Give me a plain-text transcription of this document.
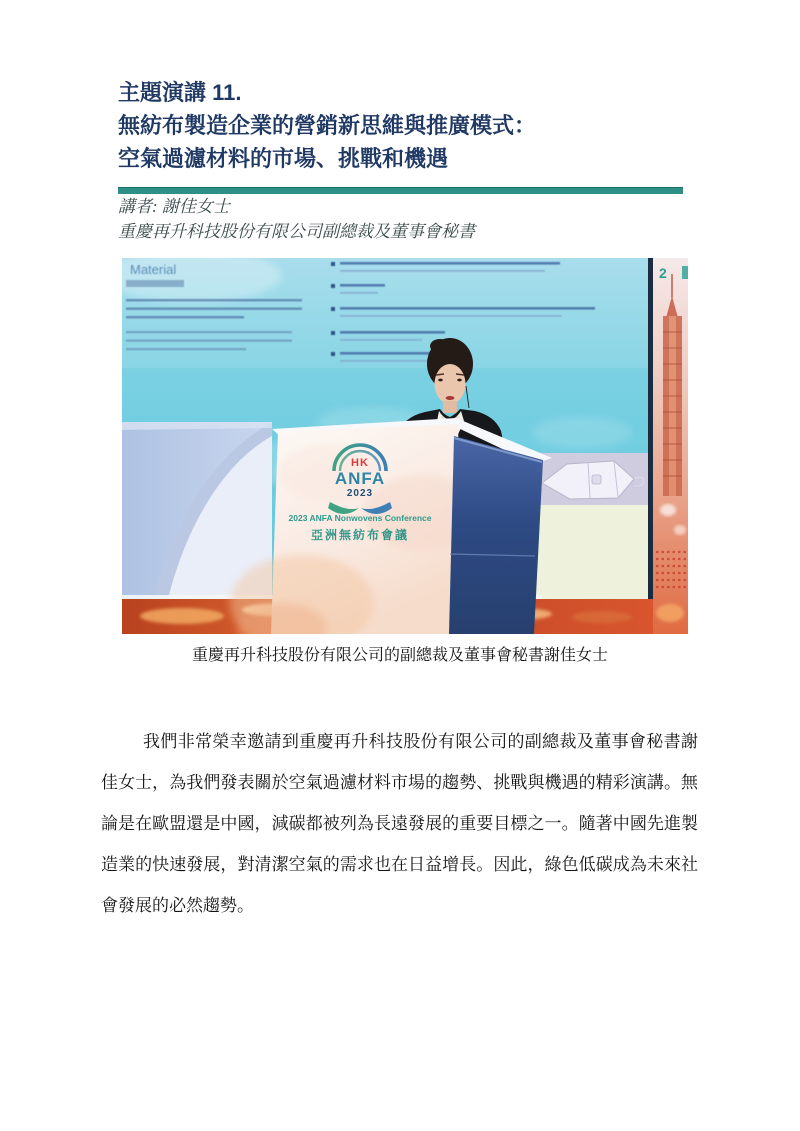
主題演講 11.
無紡布製造企業的營銷新思維與推廣模式：
空氣過濾材料的市場、挑戰和機遇
講者: 謝佳女士
重慶再升科技股份有限公司副總裁及董事會秘書
Material	2
HK
ANFA
2023
2023 ANFA Nonwovens Conference
亞洲無紡布會議
重慶再升科技股份有限公司的副總裁及董事會秘書謝佳女士

我們非常榮幸邀請到重慶再升科技股份有限公司的副總裁及董事會秘書謝佳女士，為我們發表關於空氣過濾材料市場的趨勢、挑戰與機遇的精彩演講。無論是在歐盟還是中國，減碳都被列為長遠發展的重要目標之一。隨著中國先進製造業的快速發展，對清潔空氣的需求也在日益增長。因此，綠色低碳成為未來社會發展的必然趨勢。
